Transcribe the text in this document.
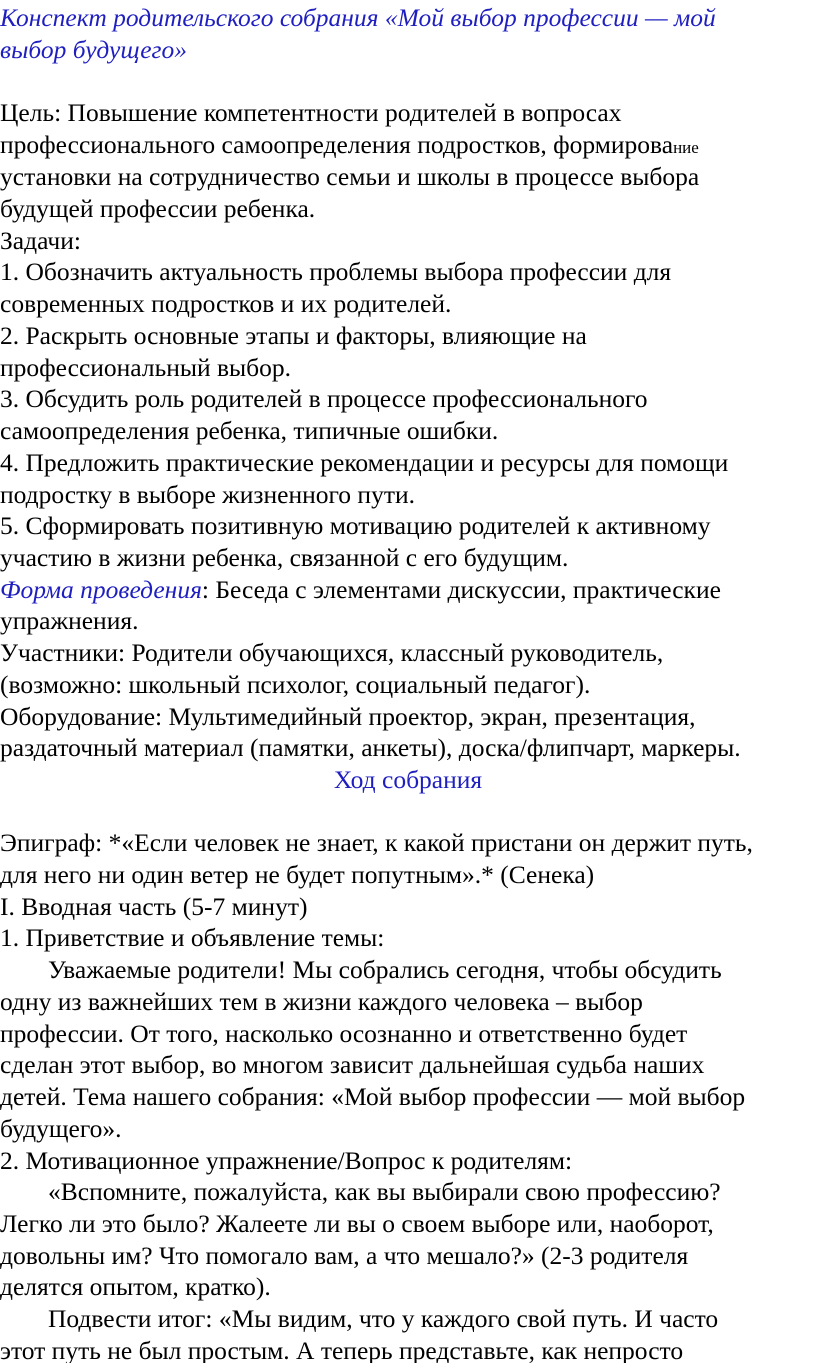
Конспект родительского собрания «Мой выбор профессии — мой
выбор будущего»
Цель: Повышение компетентности родителей в вопросах
профессионального самоопределения подростков, формирование
установки на сотрудничество семьи и школы в процессе выбора
будущей профессии ребенка.
Задачи:
1. Обозначить актуальность проблемы выбора профессии для
современных подростков и их родителей.
2. Раскрыть основные этапы и факторы, влияющие на
профессиональный выбор.
3. Обсудить роль родителей в процессе профессионального
самоопределения ребенка, типичные ошибки.
4. Предложить практические рекомендации и ресурсы для помощи
подростку в выборе жизненного пути.
5. Сформировать позитивную мотивацию родителей к активному
участию в жизни ребенка, связанной с его будущим.
Форма проведения: Беседа с элементами дискуссии, практические
упражнения.
Участники: Родители обучающихся, классный руководитель,
(возможно: школьный психолог, социальный педагог).
Оборудование: Мультимедийный проектор, экран, презентация,
раздаточный материал (памятки, анкеты), доска/флипчарт, маркеры.
Ход собрания
Эпиграф: *«Если человек не знает, к какой пристани он держит путь,
для него ни один ветер не будет попутным».* (Сенека)
I. Вводная часть (5-7 минут)
1. Приветствие и объявление темы:
Уважаемые родители! Мы собрались сегодня, чтобы обсудить
одну из важнейших тем в жизни каждого человека – выбор
профессии. От того, насколько осознанно и ответственно будет
сделан этот выбор, во многом зависит дальнейшая судьба наших
детей. Тема нашего собрания: «Мой выбор профессии — мой выбор
будущего».
2. Мотивационное упражнение/Вопрос к родителям:
«Вспомните, пожалуйста, как вы выбирали свою профессию?
Легко ли это было? Жалеете ли вы о своем выборе или, наоборот,
довольны им? Что помогало вам, а что мешало?» (2-3 родителя
делятся опытом, кратко).
Подвести итог: «Мы видим, что у каждого свой путь. И часто
этот путь не был простым. А теперь представьте, как непросто
